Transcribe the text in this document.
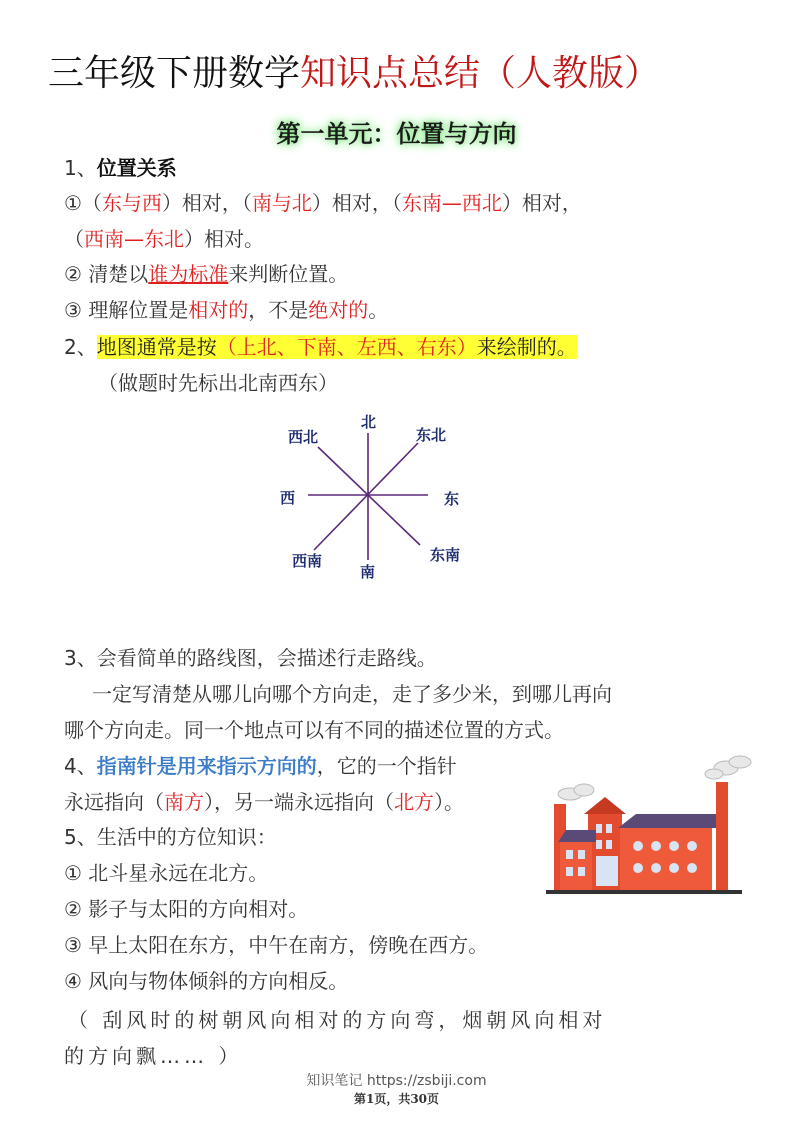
三年级下册数学知识点总结（人教版）
第一单元：位置与方向
1、位置关系
①（东与西）相对，（南与北）相对，（东南—西北）相对，
（西南—东北）相对。
② 清楚以谁为标准来判断位置。
③ 理解位置是相对的，不是绝对的。
2、地图通常是按（上北、下南、左西、右东）来绘制的。
（做题时先标出北南西东）
北
西北	东北
西	东
西南	东南
南
3、会看简单的路线图，会描述行走路线。
一定写清楚从哪儿向哪个方向走，走了多少米，到哪儿再向
哪个方向走。同一个地点可以有不同的描述位置的方式。
4、指南针是用来指示方向的，它的一个指针
永远指向（南方），另一端永远指向（北方）。
5、生活中的方位知识：
① 北斗星永远在北方。
② 影子与太阳的方向相对。
③ 早上太阳在东方，中午在南方，傍晚在西方。
④ 风向与物体倾斜的方向相反。
（ 刮风时的树朝风向相对的方向弯，烟朝风向相对
的方向飘…… ）
知识笔记 https://zsbiji.com
第1页，共30页
